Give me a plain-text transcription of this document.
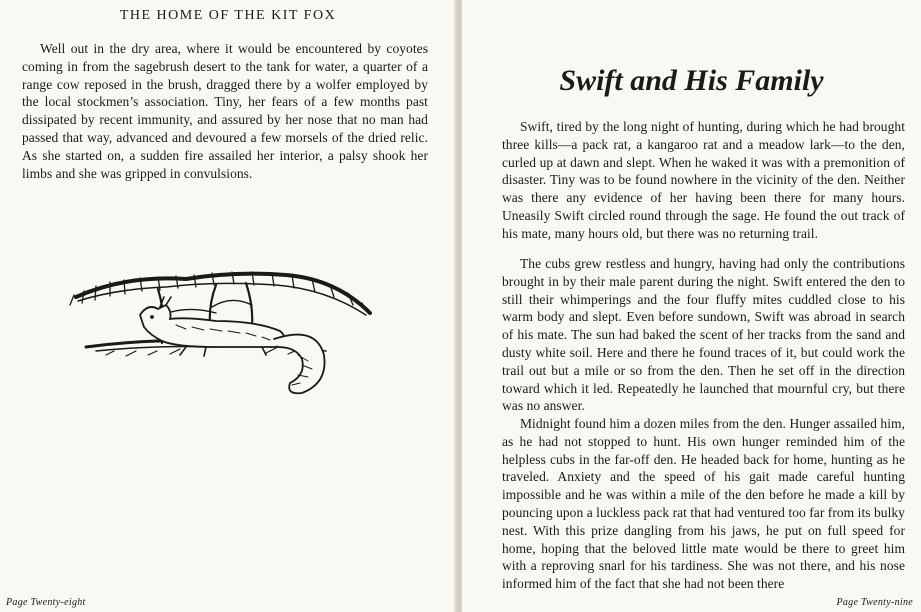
THE HOME OF THE KIT FOX

Well out in the dry area, where it would be encountered by coyotes coming in from the sagebrush desert to the tank for water, a quarter of a range cow reposed in the brush, dragged there by a wolfer employed by the local stockmen’s association. Tiny, her fears of a few months past dissipated by recent immunity, and assured by her nose that no man had passed that way, advanced and devoured a few morsels of the dried relic. As she started on, a sudden fire assailed her interior, a palsy shook her limbs and she was gripped in convulsions.

Page Twenty-eight
Swift and His Family

Swift, tired by the long night of hunting, during which he had brought three kills—a pack rat, a kangaroo rat and a meadow lark—to the den, curled up at dawn and slept. When he waked it was with a premonition of disaster. Tiny was to be found nowhere in the vicinity of the den. Neither was there any evidence of her having been there for many hours. Uneasily Swift circled round through the sage. He found the out track of his mate, many hours old, but there was no returning trail.

The cubs grew restless and hungry, having had only the contributions brought in by their male parent during the night. Swift entered the den to still their whimperings and the four fluffy mites cuddled close to his warm body and slept. Even before sundown, Swift was abroad in search of his mate. The sun had baked the scent of her tracks from the sand and dusty white soil. Here and there he found traces of it, but could work the trail out but a mile or so from the den. Then he set off in the direction toward which it led. Repeatedly he launched that mournful cry, but there was no answer.

Midnight found him a dozen miles from the den. Hunger assailed him, as he had not stopped to hunt. His own hunger reminded him of the helpless cubs in the far-off den. He headed back for home, hunting as he traveled. Anxiety and the speed of his gait made careful hunting impossible and he was within a mile of the den before he made a kill by pouncing upon a luckless pack rat that had ventured too far from its bulky nest. With this prize dangling from his jaws, he put on full speed for home, hoping that the beloved little mate would be there to greet him with a reproving snarl for his tardiness. She was not there, and his nose informed him of the fact that she had not been there

Page Twenty-nine
